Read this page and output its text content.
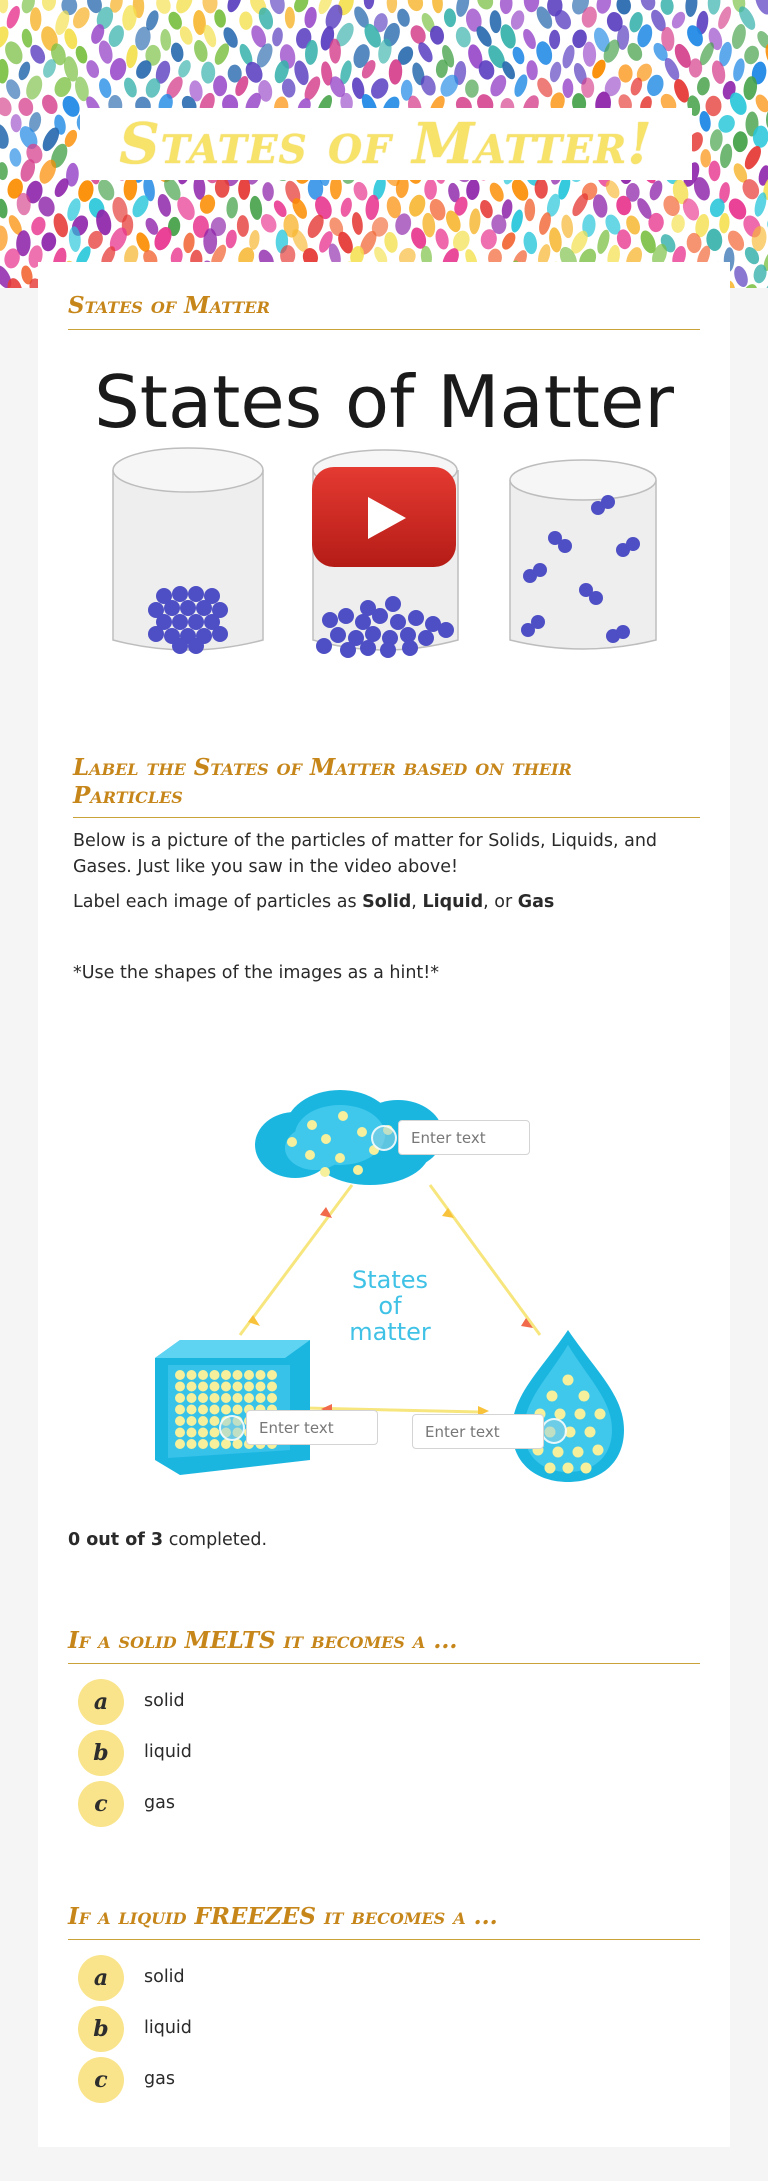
States of Matter!
States of Matter
States of Matter
Label the States of Matter based on their Particles
Below is a picture of the particles of matter for Solids, Liquids, and Gases. Just like you saw in the video above!
Label each image of particles as Solid, Liquid, or Gas
*Use the shapes of the images as a hint!*
States
of
matter
Enter text
Enter text
Enter text
0 out of 3 completed.
If a solid MELTS it becomes a ...
a	solid
b	liquid
c	gas
If a liquid FREEZES it becomes a ...
a	solid
b	liquid
c	gas
